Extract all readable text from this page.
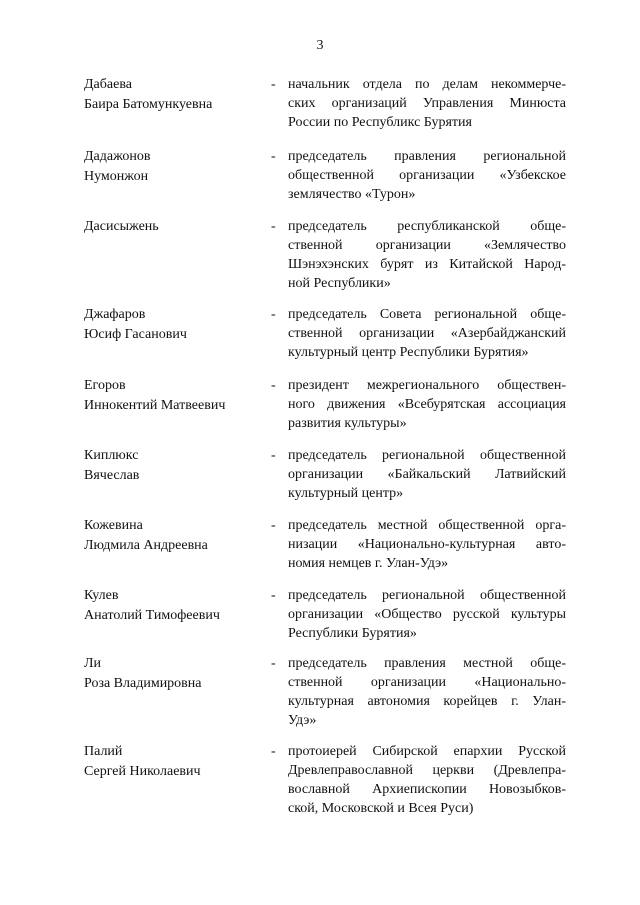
3
Дабаева
Баира Батомункуевна
- начальник отдела по делам некоммерче-
ских организаций Управления Минюста
России по Республикс Бурятия
Дадажонов
Нумонжон
- председатель правления региональной
общественной организации «Узбекское
землячество «Турон»
Дасисыжень	- председатель республиканской обще-
ственной организации «Землячество
Шэнэхэнских бурят из Китайской Народ-
ной Республики»
Джафаров
Юсиф Гасанович
- председатель Совета региональной обще-
ственной организации «Азербайджанский
культурный центр Республики Бурятия»
Егоров
Иннокентий Матвеевич
- президент межрегионального обществен-
ного движения «Всебурятская ассоциация
развития культуры»
Киплюкс
Вячеслав
- председатель региональной общественной
организации «Байкальский Латвийский
культурный центр»
Кожевина
Людмила Андреевна
- председатель местной общественной орга-
низации «Национально-культурная авто-
номия немцев г. Улан-Удэ»
Кулев
Анатолий Тимофеевич
- председатель региональной общественной
организации «Общество русской культуры
Республики Бурятия»
Ли
Роза Владимировна
- председатель правления местной обще-
ственной организации «Национально-
культурная автономия корейцев г. Улан-
Удэ»
Палий
Сергей Николаевич
- протоиерей Сибирской епархии Русской
Древлеправославной церкви (Древлепра-
вославной Архиепископии Новозыбков-
ской, Московской и Всея Руси)
